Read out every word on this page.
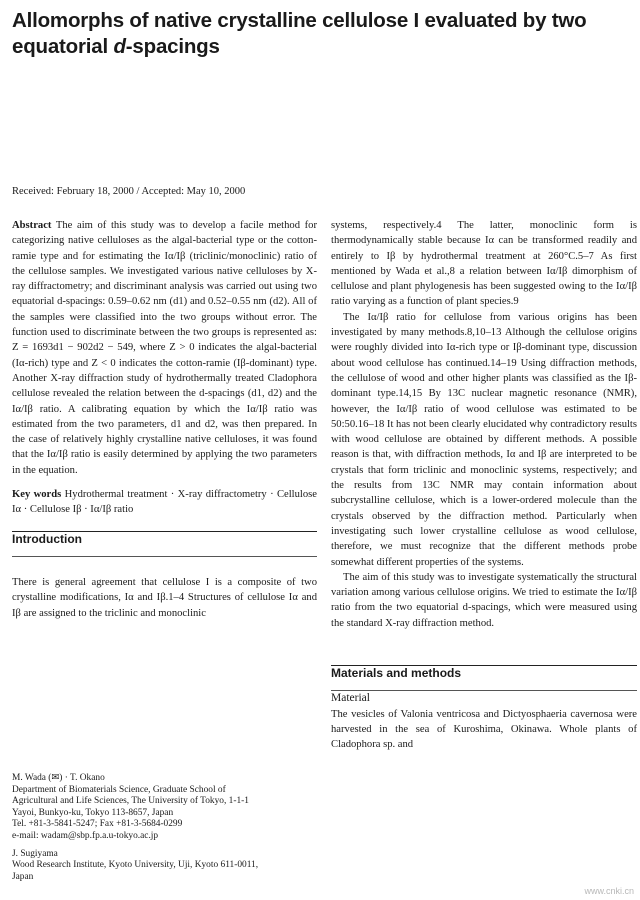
Allomorphs of native crystalline cellulose I evaluated by two
equatorial d-spacings

Received: February 18, 2000 / Accepted: May 10, 2000

Abstract The aim of this study was to develop a facile method for categorizing native celluloses as the algal-bacterial type or the cotton-ramie type and for estimating the Iα/Iβ (triclinic/monoclinic) ratio of the cellulose samples. We investigated various native celluloses by X-ray diffractometry; and discriminant analysis was carried out using two equatorial d-spacings: 0.59–0.62 nm (d1) and 0.52–0.55 nm (d2). All of the samples were classified into the two groups without error. The function used to discriminate between the two groups is represented as: Z = 1693d1 − 902d2 − 549, where Z > 0 indicates the algal-bacterial (Iα-rich) type and Z < 0 indicates the cotton-ramie (Iβ-dominant) type. Another X-ray diffraction study of hydrothermally treated Cladophora cellulose revealed the relation between the d-spacings (d1, d2) and the Iα/Iβ ratio. A calibrating equation by which the Iα/Iβ ratio was estimated from the two parameters, d1 and d2, was then prepared. In the case of relatively highly crystalline native celluloses, it was found that the Iα/Iβ ratio is easily determined by applying the two parameters in the equation.

Key words Hydrothermal treatment · X-ray diffractometry · Cellulose Iα · Cellulose Iβ · Iα/Iβ ratio

Introduction

There is general agreement that cellulose I is a composite of two crystalline modifications, Iα and Iβ.1–4 Structures of cellulose Iα and Iβ are assigned to the triclinic and monoclinic

M. Wada (✉) · T. Okano

Department of Biomaterials Science, Graduate School of

Agricultural and Life Sciences, The University of Tokyo, 1-1-1

Yayoi, Bunkyo-ku, Tokyo 113-8657, Japan

Tel. +81-3-5841-5247; Fax +81-3-5684-0299

e-mail: wadam@sbp.fp.a.u-tokyo.ac.jp

J. Sugiyama

Wood Research Institute, Kyoto University, Uji, Kyoto 611-0011,

Japan

systems, respectively.4 The latter, monoclinic form is thermodynamically stable because Iα can be transformed readily and entirely to Iβ by hydrothermal treatment at 260°C.5–7 As first mentioned by Wada et al.,8 a relation between Iα/Iβ dimorphism of cellulose and plant phylogenesis has been suggested owing to the Iα/Iβ ratio varying as a function of plant species.9

The Iα/Iβ ratio for cellulose from various origins has been investigated by many methods.8,10–13 Although the cellulose origins were roughly divided into Iα-rich type or Iβ-dominant type, discussion about wood cellulose has continued.14–19 Using diffraction methods, the cellulose of wood and other higher plants was classified as the Iβ-dominant type.14,15 By 13C nuclear magnetic resonance (NMR), however, the Iα/Iβ ratio of wood cellulose was estimated to be 50:50.16–18 It has not been clearly elucidated why contradictory results with wood cellulose are obtained by different methods. A possible reason is that, with diffraction methods, Iα and Iβ are interpreted to be crystals that form triclinic and monoclinic systems, respectively; and the results from 13C NMR may contain information about subcrystalline cellulose, which is a lower-ordered molecule than the crystals observed by the diffraction method. Particularly when investigating such lower crystalline cellulose as wood cellulose, therefore, we must recognize that the different methods probe somewhat different properties of the systems.

The aim of this study was to investigate systematically the structural variation among various cellulose origins. We tried to estimate the Iα/Iβ ratio from the two equatorial d-spacings, which were measured using the standard X-ray diffraction method.

Materials and methods

Material

The vesicles of Valonia ventricosa and Dictyosphaeria cavernosa were harvested in the sea of Kuroshima, Okinawa. Whole plants of Cladophora sp. and

www.cnki.cn
